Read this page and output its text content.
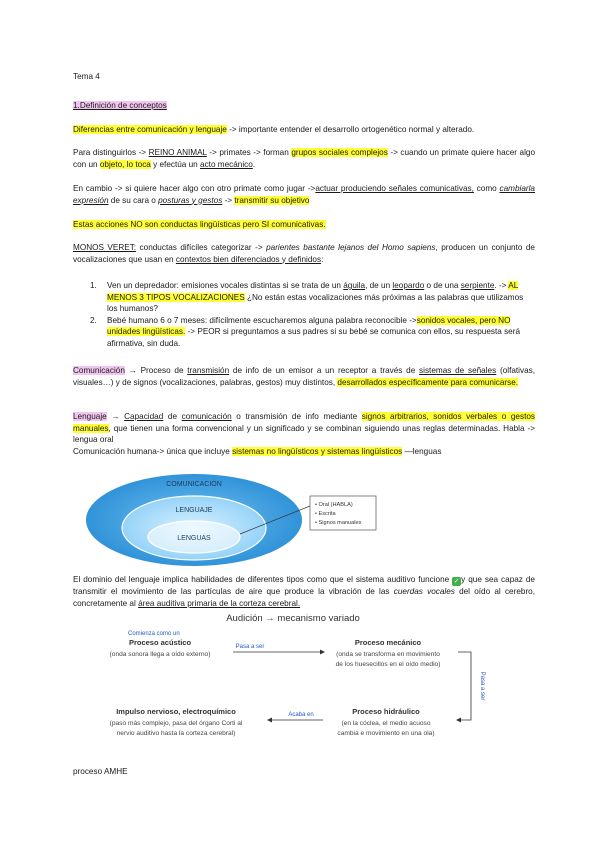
Tema 4

1.Definición de conceptos

Diferencias entre comunicación y lenguaje -> importante entender el desarrollo ortogenético normal y alterado.

Para distinguirlos -> REINO ANIMAL -> primates -> forman grupos sociales complejos -> cuando un primate quiere hacer algo con un objeto, lo toca y efectúa un acto mecánico.

En cambio -> si quiere hacer algo con otro primate como jugar ->actuar produciendo señales comunicativas, como cambiarla expresión de su cara o posturas y gestos -> transmitir su objetivo

Estas acciones NO son conductas lingüísticas pero SI comunicativas.

MONOS VERET: conductas difíciles categorizar -> parientes bastante lejanos del Homo sapiens, producen un conjunto de vocalizaciones que usan en contextos bien diferenciados y definidos:

1. Ven un depredador: emisiones vocales distintas si se trata de un águila, de un leopardo o de una serpiente. -> AL MENOS 3 TIPOS VOCALIZACIONES ¿No están estas vocalizaciones más próximas a las palabras que utilizamos los humanos?
2. Bebé humano 6 o 7 meses: difícilmente escucharemos alguna palabra reconocible ->sonidos vocales, pero NO unidades lingüísticas. -> PEOR si preguntamos a sus padres si su bebé se comunica con ellos, su respuesta será afirmativa, sin duda.

Comunicación → Proceso de transmisión de info de un emisor a un receptor a través de sistemas de señales (olfativas, visuales…) y de signos (vocalizaciones, palabras, gestos) muy distintos, desarrollados específicamente para comunicarse.

Lenguaje → Capacidad de comunicación o transmisión de info mediante signos arbitrarios, sonidos verbales o gestos manuales, que tienen una forma convencional y un significado y se combinan siguiendo unas reglas determinadas. Habla -> lengua oral

Comunicación humana-> única que incluye sistemas no lingüísticos y sistemas lingüísticos —lenguas

COMUNICACIÓN
LENGUAJE
LENGUAS
• Oral (HABLA)
• Escrita
• Signos manuales

El dominio del lenguaje implica habilidades de diferentes tipos como que el sistema auditivo funcione ✓ y que sea capaz de transmitir el movimiento de las partículas de aire que produce la vibración de las cuerdas vocales del oído al cerebro, concretamente al área auditiva primaria de la corteza cerebral.

Audición → mecanismo variado
Comienza como un
Proceso acústico
(onda sonora llega a oído externo)
Pasa a ser	Proceso mecánico
(onda se transforma en movimiento
de los huesecillos en el oído medio)
Pasa a ser
Proceso hidráulico
(en la cóclea, el medio acuoso
cambia e movimiento en una ola)
Acaba en
Impulso nervioso, electroquímico
(paso más complejo, pasa del órgano Corti al
nervio auditivo hasta la corteza cerebral)

proceso AMHE
